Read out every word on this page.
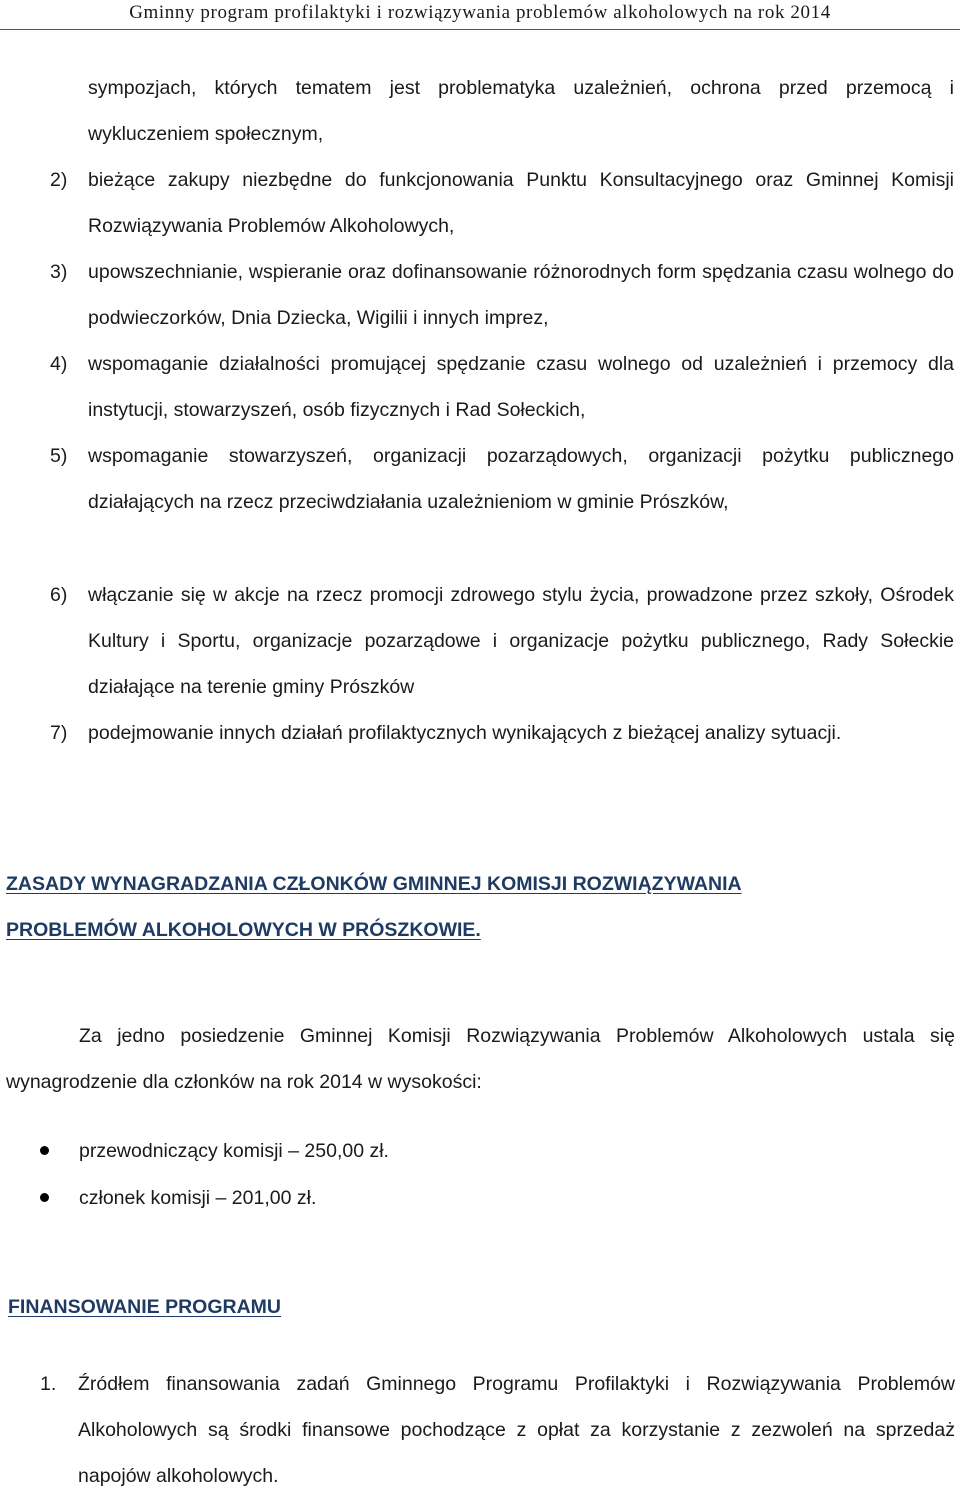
Gminny program profilaktyki i rozwiązywania problemów alkoholowych na rok 2014
sympozjach, których tematem jest problematyka uzależnień, ochrona przed przemocą i wykluczeniem społecznym,
2) bieżące zakupy niezbędne do funkcjonowania Punktu Konsultacyjnego oraz Gminnej Komisji Rozwiązywania Problemów Alkoholowych,
3) upowszechnianie, wspieranie oraz dofinansowanie różnorodnych form spędzania czasu wolnego do podwieczorków, Dnia Dziecka, Wigilii i innych imprez,
4) wspomaganie działalności promującej spędzanie czasu wolnego od uzależnień i przemocy dla instytucji, stowarzyszeń, osób fizycznych i Rad Sołeckich,
5) wspomaganie stowarzyszeń, organizacji pozarządowych, organizacji pożytku publicznego działających na rzecz przeciwdziałania uzależnieniom w gminie Prószków,
6) włączanie się w akcje na rzecz promocji zdrowego stylu życia, prowadzone przez szkoły, Ośrodek Kultury i Sportu, organizacje pozarządowe i organizacje pożytku publicznego, Rady Sołeckie działające na terenie gminy Prószków
7) podejmowanie innych działań profilaktycznych wynikających z bieżącej analizy sytuacji.
ZASADY WYNAGRADZANIA CZŁONKÓW GMINNEJ KOMISJI ROZWIĄZYWANIA
PROBLEMÓW ALKOHOLOWYCH W PRÓSZKOWIE.
Za jedno posiedzenie Gminnej Komisji Rozwiązywania Problemów Alkoholowych ustala się wynagrodzenie dla członków na rok 2014 w wysokości:
przewodniczący komisji – 250,00 zł.
członek komisji – 201,00 zł.
FINANSOWANIE PROGRAMU
1. Źródłem finansowania zadań Gminnego Programu Profilaktyki i Rozwiązywania Problemów Alkoholowych są środki finansowe pochodzące z opłat za korzystanie z zezwoleń na sprzedaż napojów alkoholowych.
